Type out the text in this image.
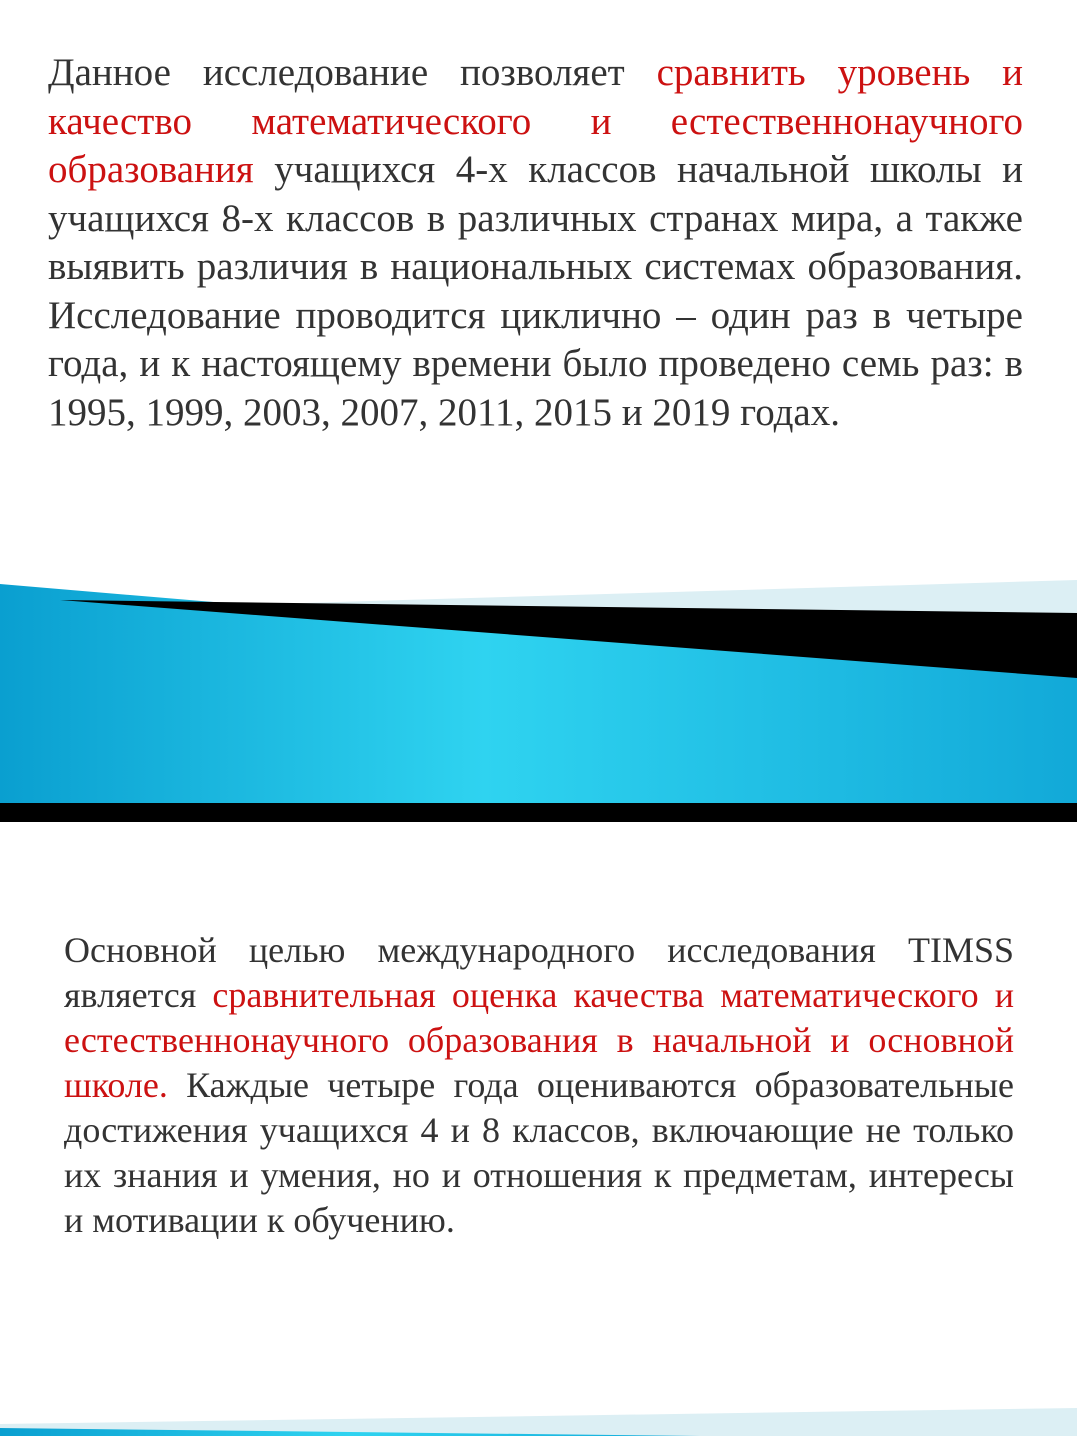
Данное исследование позволяет сравнить уровень и качество математического и естественнонаучного образования учащихся 4-х классов начальной школы и учащихся 8-х классов в различных странах мира, а также выявить различия в национальных системах образования. Исследование проводится циклично – один раз в четыре года, и к настоящему времени было проведено семь раз: в 1995, 1999, 2003, 2007, 2011, 2015 и 2019 годах.

Основной целью международного исследования TIMSS является сравнительная оценка качества математического и естественнонаучного образования в начальной и основной школе. Каждые четыре года оцениваются образовательные достижения учащихся 4 и 8 классов, включающие не только их знания и умения, но и отношения к предметам, интересы и мотивации к обучению.
